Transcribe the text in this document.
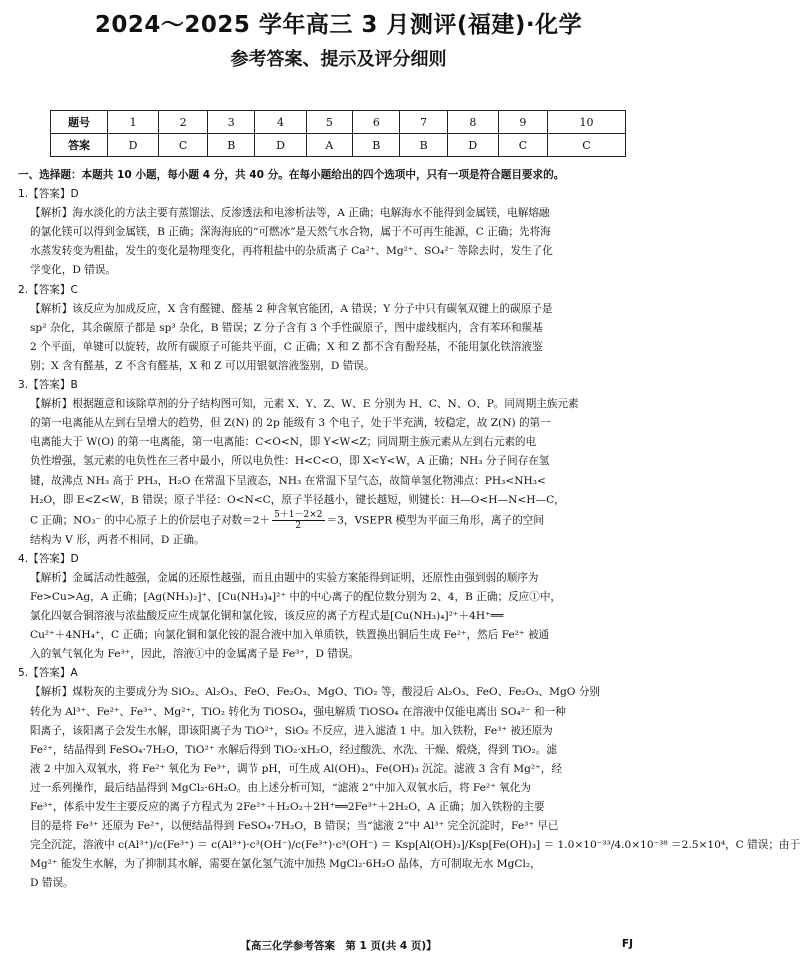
2024～2025 学年高三 3 月测评(福建)·化学
参考答案、提示及评分细则
题号	1	2	3	4	5	6	7	8	9	10
答案	D	C	B	D	A	B	B	D	C	C

一、选择题：本题共 10 小题，每小题 4 分，共 40 分。在每小题给出的四个选项中，只有一项是符合题目要求的。

1.【答案】D

【解析】海水淡化的方法主要有蒸馏法、反渗透法和电渗析法等，A 正确；电解海水不能得到金属镁，电解熔融

的氯化镁可以得到金属镁，B 正确；深海海底的“可燃冰”是天然气水合物，属于不可再生能源，C 正确；先将海

水蒸发转变为粗盐，发生的变化是物理变化，再将粗盐中的杂质离子 Ca²⁺、Mg²⁺、SO₄²⁻ 等除去时，发生了化

学变化，D 错误。

2.【答案】C

【解析】该反应为加成反应，X 含有醛键、醛基 2 种含氧官能团，A 错误；Y 分子中只有碳氧双键上的碳原子是

sp² 杂化，其余碳原子都是 sp³ 杂化，B 错误；Z 分子含有 3 个手性碳原子，图中虚线框内，含有苯环和羰基

2 个平面，单键可以旋转，故所有碳原子可能共平面，C 正确；X 和 Z 都不含有酚羟基，不能用氯化铁溶液鉴

别；X 含有醛基，Z 不含有醛基，X 和 Z 可以用银氨溶液鉴别，D 错误。

3.【答案】B

【解析】根据题意和该除草剂的分子结构图可知，元素 X、Y、Z、W、E 分别为 H、C、N、O、P。同周期主族元素

的第一电离能从左到右呈增大的趋势，但 Z(N) 的 2p 能级有 3 个电子，处于半充满，较稳定，故 Z(N) 的第一

电离能大于 W(O) 的第一电离能，第一电离能：C<O<N，即 Y<W<Z；同周期主族元素从左到右元素的电

负性增强，氢元素的电负性在三者中最小，所以电负性：H<C<O，即 X<Y<W，A 正确；NH₃ 分子间存在氢

键，故沸点 NH₃ 高于 PH₃，H₂O 在常温下呈液态，NH₃ 在常温下呈气态，故简单氢化物沸点：PH₃<NH₃<

H₂O，即 E<Z<W，B 错误；原子半径：O<N<C，原子半径越小，键长越短，则键长：H—O<H—N<H—C，

C 正确；NO₃⁻ 的中心原子上的价层电子对数$=2+ \frac{5+1-2\times 2}{2} =3$，VSEPR 模型为平面三角形，离子的空间

结构为 V 形，两者不相同，D 正确。

4.【答案】D

【解析】金属活动性越强，金属的还原性越强，而且由题中的实验方案能得到证明，还原性由强到弱的顺序为

Fe>Cu>Ag，A 正确；[Ag(NH₃)₂]⁺、[Cu(NH₃)₄]²⁺ 中的中心离子的配位数分别为 2、4，B 正确；反应①中，

氯化四氨合铜溶液与浓盐酸反应生成氯化铜和氯化铵，该反应的离子方程式是[Cu(NH₃)₄]²⁺＋4H⁺══

Cu²⁺＋4NH₄⁺，C 正确；向氯化铜和氯化铵的混合液中加入单质铁，铁置换出铜后生成 Fe²⁺，然后 Fe²⁺ 被通

入的氧气氧化为 Fe³⁺，因此，溶液①中的金属离子是 Fe³⁺，D 错误。

5.【答案】A

【解析】煤粉灰的主要成分为 SiO₂、Al₂O₃、FeO、Fe₂O₃、MgO、TiO₂ 等，酸浸后 Al₂O₃、FeO、Fe₂O₃、MgO 分别

转化为 Al³⁺、Fe²⁺、Fe³⁺、Mg²⁺，TiO₂ 转化为 TiOSO₄，强电解质 TiOSO₄ 在溶液中仅能电离出 SO₄²⁻ 和一种

阳离子，该阳离子会发生水解，即该阳离子为 TiO²⁺，SiO₂ 不反应，进入滤渣 1 中。加入铁粉，Fe³⁺ 被还原为

Fe²⁺，结晶得到 FeSO₄·7H₂O，TiO²⁺ 水解后得到 TiO₂·xH₂O，经过酸洗、水洗、干燥、煅烧，得到 TiO₂。滤

液 2 中加入双氧水，将 Fe²⁺ 氧化为 Fe³⁺，调节 pH，可生成 Al(OH)₃、Fe(OH)₃ 沉淀。滤液 3 含有 Mg²⁺，经

过一系列操作，最后结晶得到 MgCl₂·6H₂O。由上述分析可知，“滤液 2”中加入双氧水后，将 Fe²⁺ 氧化为

Fe³⁺，体系中发生主要反应的离子方程式为 2Fe²⁺＋H₂O₂＋2H⁺══2Fe³⁺＋2H₂O，A 正确；加入铁粉的主要

目的是将 Fe³⁺ 还原为 Fe²⁺，以便结晶得到 FeSO₄·7H₂O，B 错误；当“滤液 2”中 Al³⁺ 完全沉淀时，Fe³⁺ 早已

完全沉淀，溶液中 c(Al³⁺)/c(Fe³⁺) ＝ c(Al³⁺)·c³(OH⁻)/c(Fe³⁺)·c³(OH⁻) ＝ Ksp[Al(OH)₃]/Ksp[Fe(OH)₃] ＝ 1.0×10⁻³³/4.0×10⁻³⁸ ＝2.5×10⁴，C 错误；由于

Mg²⁺ 能发生水解，为了抑制其水解，需要在氯化氢气流中加热 MgCl₂·6H₂O 晶体，方可制取无水 MgCl₂，

D 错误。

【高三化学参考答案　第 1 页(共 4 页)】	FJ
